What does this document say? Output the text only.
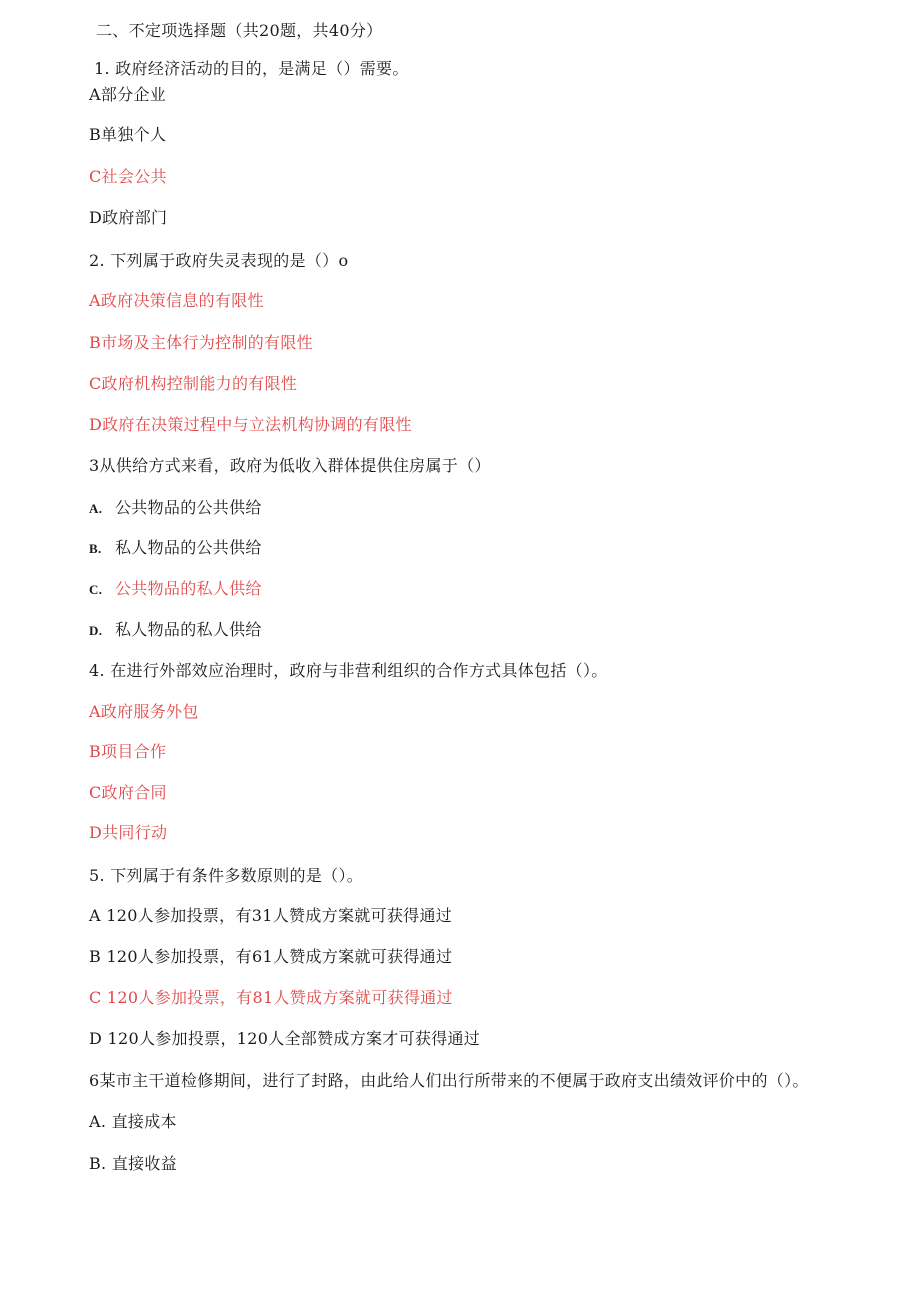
二、不定项选择题（共20题，共40分）
1. 政府经济活动的目的，是满足（）需要。
A部分企业
B单独个人
C社会公共
D政府部门
2. 下列属于政府失灵表现的是（）o
A政府决策信息的有限性
B市场及主体行为控制的有限性
C政府机构控制能力的有限性
D政府在决策过程中与立法机构协调的有限性
3从供给方式来看，政府为低收入群体提供住房属于（）
A. 公共物品的公共供给
B. 私人物品的公共供给
C. 公共物品的私人供给
D. 私人物品的私人供给
4. 在进行外部效应治理时，政府与非营利组织的合作方式具体包括（）。
A政府服务外包
B项目合作
C政府合同
D共同行动
5. 下列属于有条件多数原则的是（）。
A 120人参加投票，有31人赞成方案就可获得通过
B 120人参加投票，有61人赞成方案就可获得通过
C 120人参加投票，有81人赞成方案就可获得通过
D 120人参加投票，120人全部赞成方案才可获得通过
6某市主干道检修期间，进行了封路，由此给人们出行所带来的不便属于政府支出绩效评价中的（）。
A. 直接成本
B. 直接收益
